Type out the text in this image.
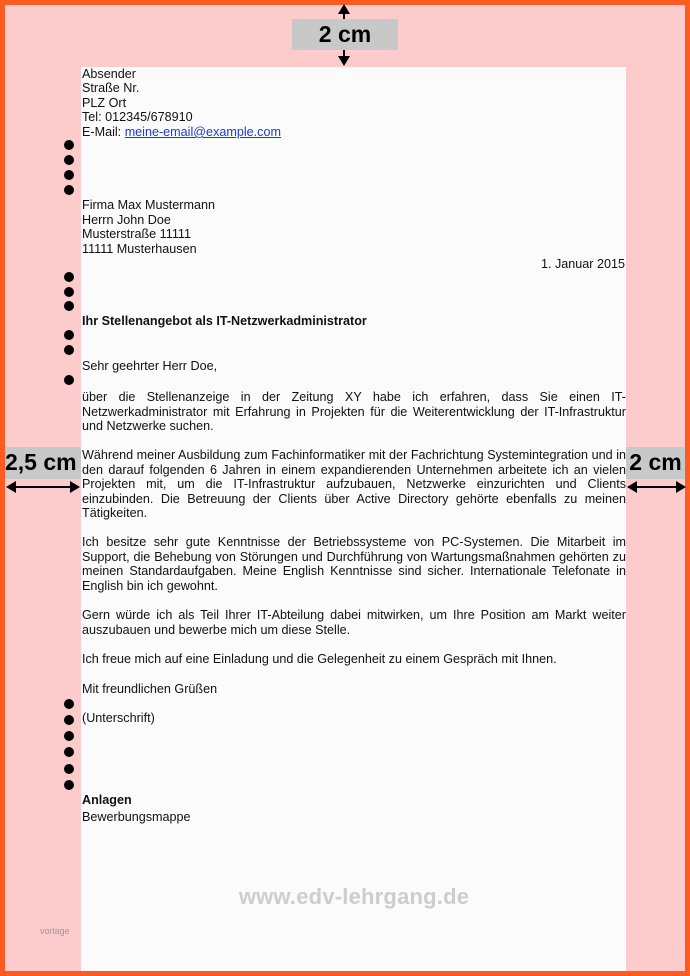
2 cm
2,5 cm	2 cm
Absender
Straße Nr.
PLZ Ort
Tel: 012345/678910
E-Mail: meine-email@example.com
Firma Max Mustermann
Herrn John Doe
Musterstraße 11111
11111 Musterhausen
1. Januar 2015
Ihr Stellenangebot als IT-Netzwerkadministrator
Sehr geehrter Herr Doe,
über die Stellenanzeige in der Zeitung XY habe ich erfahren, dass Sie einen IT-Netzwerkadministrator mit Erfahrung in Projekten für die Weiterentwicklung der IT-Infrastruktur und Netzwerke suchen.
Während meiner Ausbildung zum Fachinformatiker mit der Fachrichtung Systemintegration und in den darauf folgenden 6 Jahren in einem expandierenden Unternehmen arbeitete ich an vielen Projekten mit, um die IT-Infrastruktur aufzubauen, Netzwerke einzurichten und Clients einzubinden. Die Betreuung der Clients über Active Directory gehörte ebenfalls zu meinen Tätigkeiten.
Ich besitze sehr gute Kenntnisse der Betriebssysteme von PC-Systemen. Die Mitarbeit im Support, die Behebung von Störungen und Durchführung von Wartungsmaßnahmen gehörten zu meinen Standardaufgaben. Meine English Kenntnisse sind sicher. Internationale Telefonate in English bin ich gewohnt.
Gern würde ich als Teil Ihrer IT-Abteilung dabei mitwirken, um Ihre Position am Markt weiter auszubauen und bewerbe mich um diese Stelle.
Ich freue mich auf eine Einladung und die Gelegenheit zu einem Gespräch mit Ihnen.
Mit freundlichen Grüßen
(Unterschrift)
Anlagen
Bewerbungsmappe
www.edv-lehrgang.de
vorlage
